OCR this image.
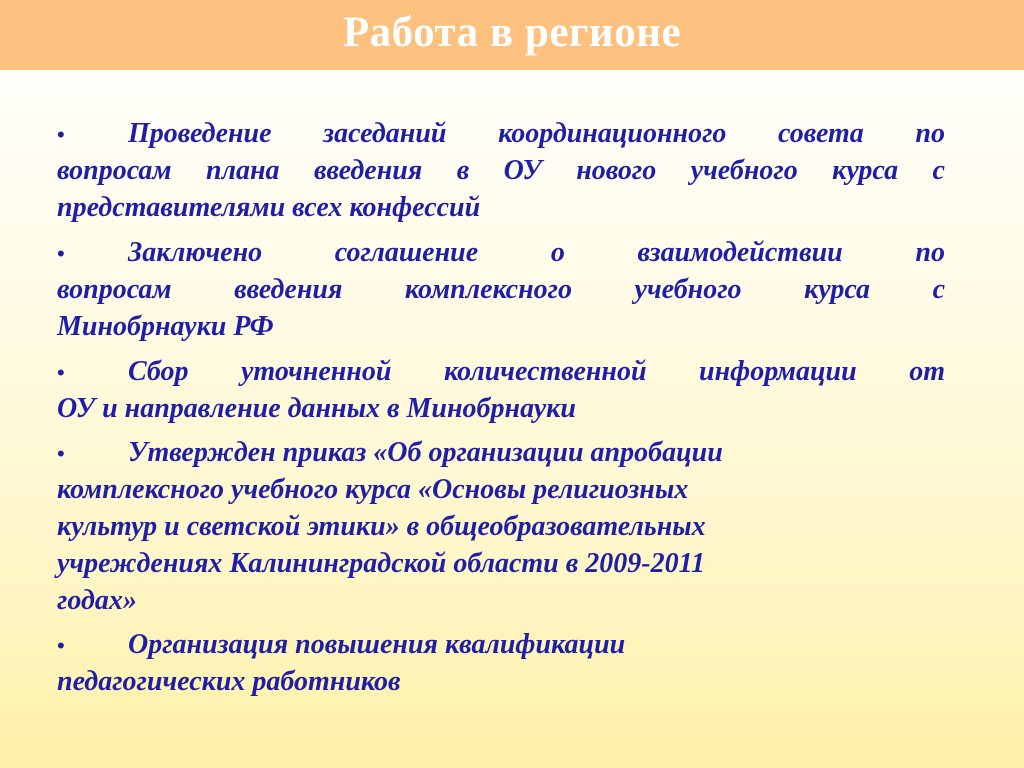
Работа в регионе
•	Проведение заседаний координационного совета по
вопросам плана введения в ОУ нового учебного курса с
представителями всех конфессий
•	Заключено соглашение о взаимодействии по
вопросам введения комплексного учебного курса с
Минобрнауки РФ
•	Сбор уточненной количественной информации от
ОУ и направление данных в Минобрнауки
•	Утвержден приказ «Об организации апробации
комплексного учебного курса «Основы религиозных
культур и светской этики» в общеобразовательных
учреждениях Калининградской области в 2009-2011
годах»
•	Организация повышения квалификации
педагогических работников
